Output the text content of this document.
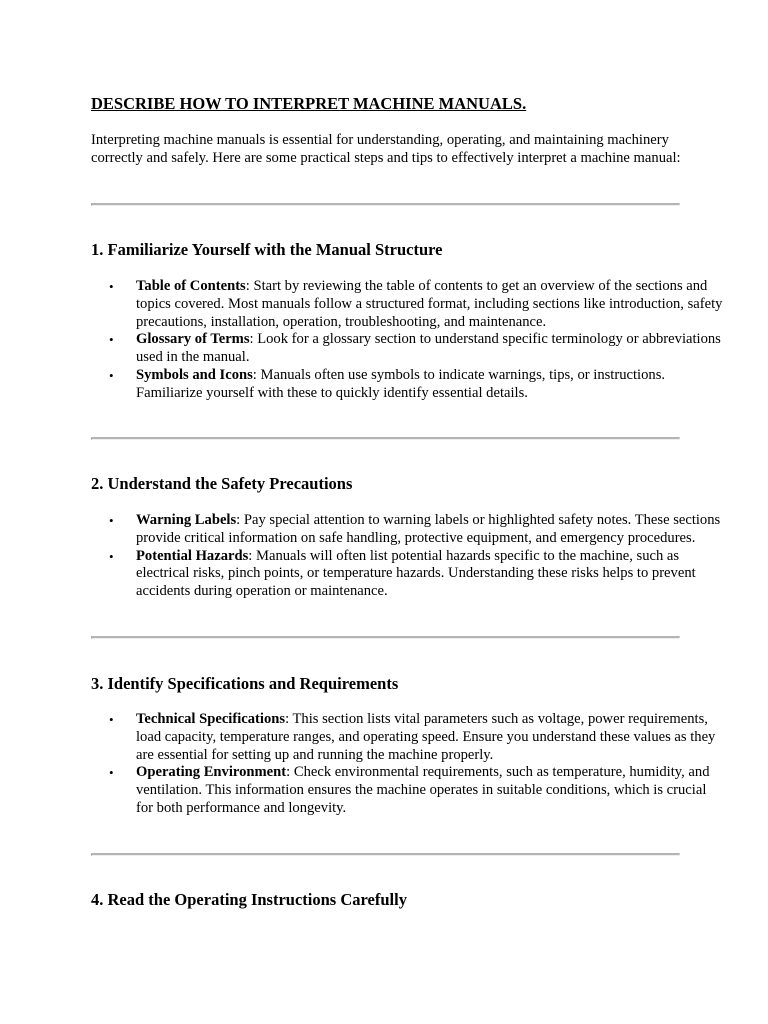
DESCRIBE HOW TO INTERPRET MACHINE MANUALS.

Interpreting machine manuals is essential for understanding, operating, and maintaining machinery correctly and safely. Here are some practical steps and tips to effectively interpret a machine manual:

1. Familiarize Yourself with the Manual Structure
• Table of Contents: Start by reviewing the table of contents to get an overview of the sections and topics covered. Most manuals follow a structured format, including sections like introduction, safety precautions, installation, operation, troubleshooting, and maintenance.
• Glossary of Terms: Look for a glossary section to understand specific terminology or abbreviations used in the manual.
• Symbols and Icons: Manuals often use symbols to indicate warnings, tips, or instructions. Familiarize yourself with these to quickly identify essential details.
2. Understand the Safety Precautions
• Warning Labels: Pay special attention to warning labels or highlighted safety notes. These sections provide critical information on safe handling, protective equipment, and emergency procedures.
• Potential Hazards: Manuals will often list potential hazards specific to the machine, such as electrical risks, pinch points, or temperature hazards. Understanding these risks helps to prevent accidents during operation or maintenance.
3. Identify Specifications and Requirements
• Technical Specifications: This section lists vital parameters such as voltage, power requirements, load capacity, temperature ranges, and operating speed. Ensure you understand these values as they are essential for setting up and running the machine properly.
• Operating Environment: Check environmental requirements, such as temperature, humidity, and ventilation. This information ensures the machine operates in suitable conditions, which is crucial for both performance and longevity.
4. Read the Operating Instructions Carefully
